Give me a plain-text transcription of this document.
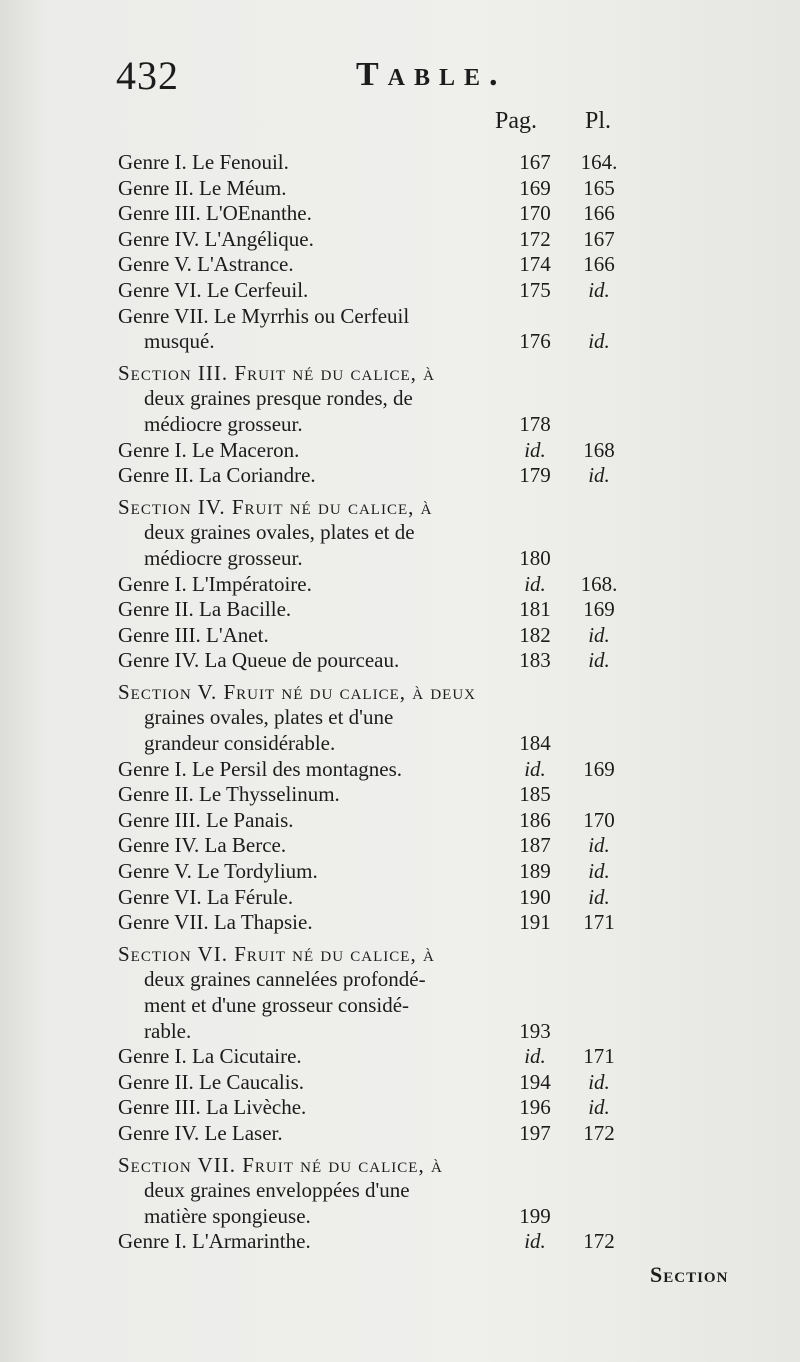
432	Table.
Pag. Pl.
Genre I. Le Fenouil.	167	164.
Genre II. Le Méum.	169	165
Genre III. L'OEnanthe.	170	166
Genre IV. L'Angélique.	172	167
Genre V. L'Astrance.	174	166
Genre VI. Le Cerfeuil.	175	id.
Genre VII. Le Myrrhis ou Cerfeuil
musqué.	176	id.
Section III. Fruit né du calice, à
deux graines presque rondes, de
médiocre grosseur.	178
Genre I. Le Maceron.	id.	168
Genre II. La Coriandre.	179	id.
Section IV. Fruit né du calice, à
deux graines ovales, plates et de
médiocre grosseur.	180
Genre I. L'Impératoire.	id.	168.
Genre II. La Bacille.	181	169
Genre III. L'Anet.	182	id.
Genre IV. La Queue de pourceau.	183	id.
Section V. Fruit né du calice, à deux
graines ovales, plates et d'une
grandeur considérable.	184
Genre I. Le Persil des montagnes.	id.	169
Genre II. Le Thysselinum.	185
Genre III. Le Panais.	186	170
Genre IV. La Berce.	187	id.
Genre V. Le Tordylium.	189	id.
Genre VI. La Férule.	190	id.
Genre VII. La Thapsie.	191	171
Section VI. Fruit né du calice, à
deux graines cannelées profondé-
ment et d'une grosseur considé-
rable.	193
Genre I. La Cicutaire.	id.	171
Genre II. Le Caucalis.	194	id.
Genre III. La Livèche.	196	id.
Genre IV. Le Laser.	197	172
Section VII. Fruit né du calice, à
deux graines enveloppées d'une
matière spongieuse.	199
Genre I. L'Armarinthe.	id.	172
Section
